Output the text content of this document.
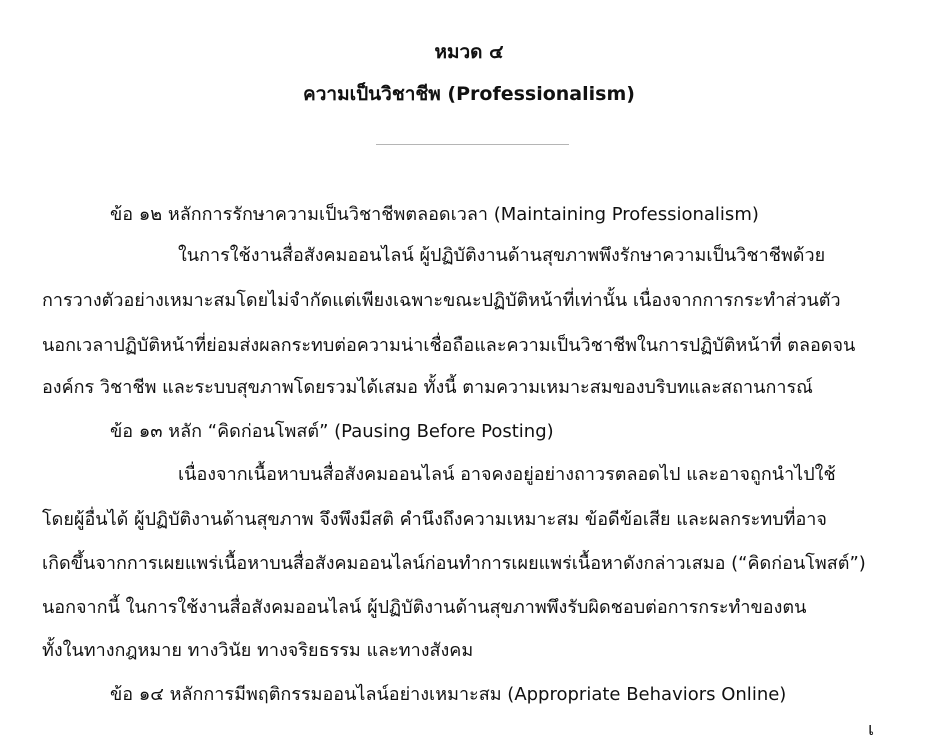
หมวด ๔
ความเป็นวิชาชีพ (Professionalism)
ข้อ ๑๒ หลักการรักษาความเป็นวิชาชีพตลอดเวลา (Maintaining Professionalism)
ในการใช้งานสื่อสังคมออนไลน์ ผู้ปฏิบัติงานด้านสุขภาพพึงรักษาความเป็นวิชาชีพด้วย
การวางตัวอย่างเหมาะสมโดยไม่จำกัดแต่เพียงเฉพาะขณะปฏิบัติหน้าที่เท่านั้น เนื่องจากการกระทำส่วนตัว
นอกเวลาปฏิบัติหน้าที่ย่อมส่งผลกระทบต่อความน่าเชื่อถือและความเป็นวิชาชีพในการปฏิบัติหน้าที่ ตลอดจน
องค์กร วิชาชีพ และระบบสุขภาพโดยรวมได้เสมอ ทั้งนี้ ตามความเหมาะสมของบริบทและสถานการณ์
ข้อ ๑๓ หลัก “คิดก่อนโพสต์” (Pausing Before Posting)
เนื่องจากเนื้อหาบนสื่อสังคมออนไลน์ อาจคงอยู่อย่างถาวรตลอดไป และอาจถูกนำไปใช้
โดยผู้อื่นได้ ผู้ปฏิบัติงานด้านสุขภาพ จึงพึงมีสติ คำนึงถึงความเหมาะสม ข้อดีข้อเสีย และผลกระทบที่อาจ
เกิดขึ้นจากการเผยแพร่เนื้อหาบนสื่อสังคมออนไลน์ก่อนทำการเผยแพร่เนื้อหาดังกล่าวเสมอ (“คิดก่อนโพสต์”)
นอกจากนี้ ในการใช้งานสื่อสังคมออนไลน์ ผู้ปฏิบัติงานด้านสุขภาพพึงรับผิดชอบต่อการกระทำของตน
ทั้งในทางกฎหมาย ทางวินัย ทางจริยธรรม และทางสังคม
ข้อ ๑๔ หลักการมีพฤติกรรมออนไลน์อย่างเหมาะสม (Appropriate Behaviors Online)
เ
